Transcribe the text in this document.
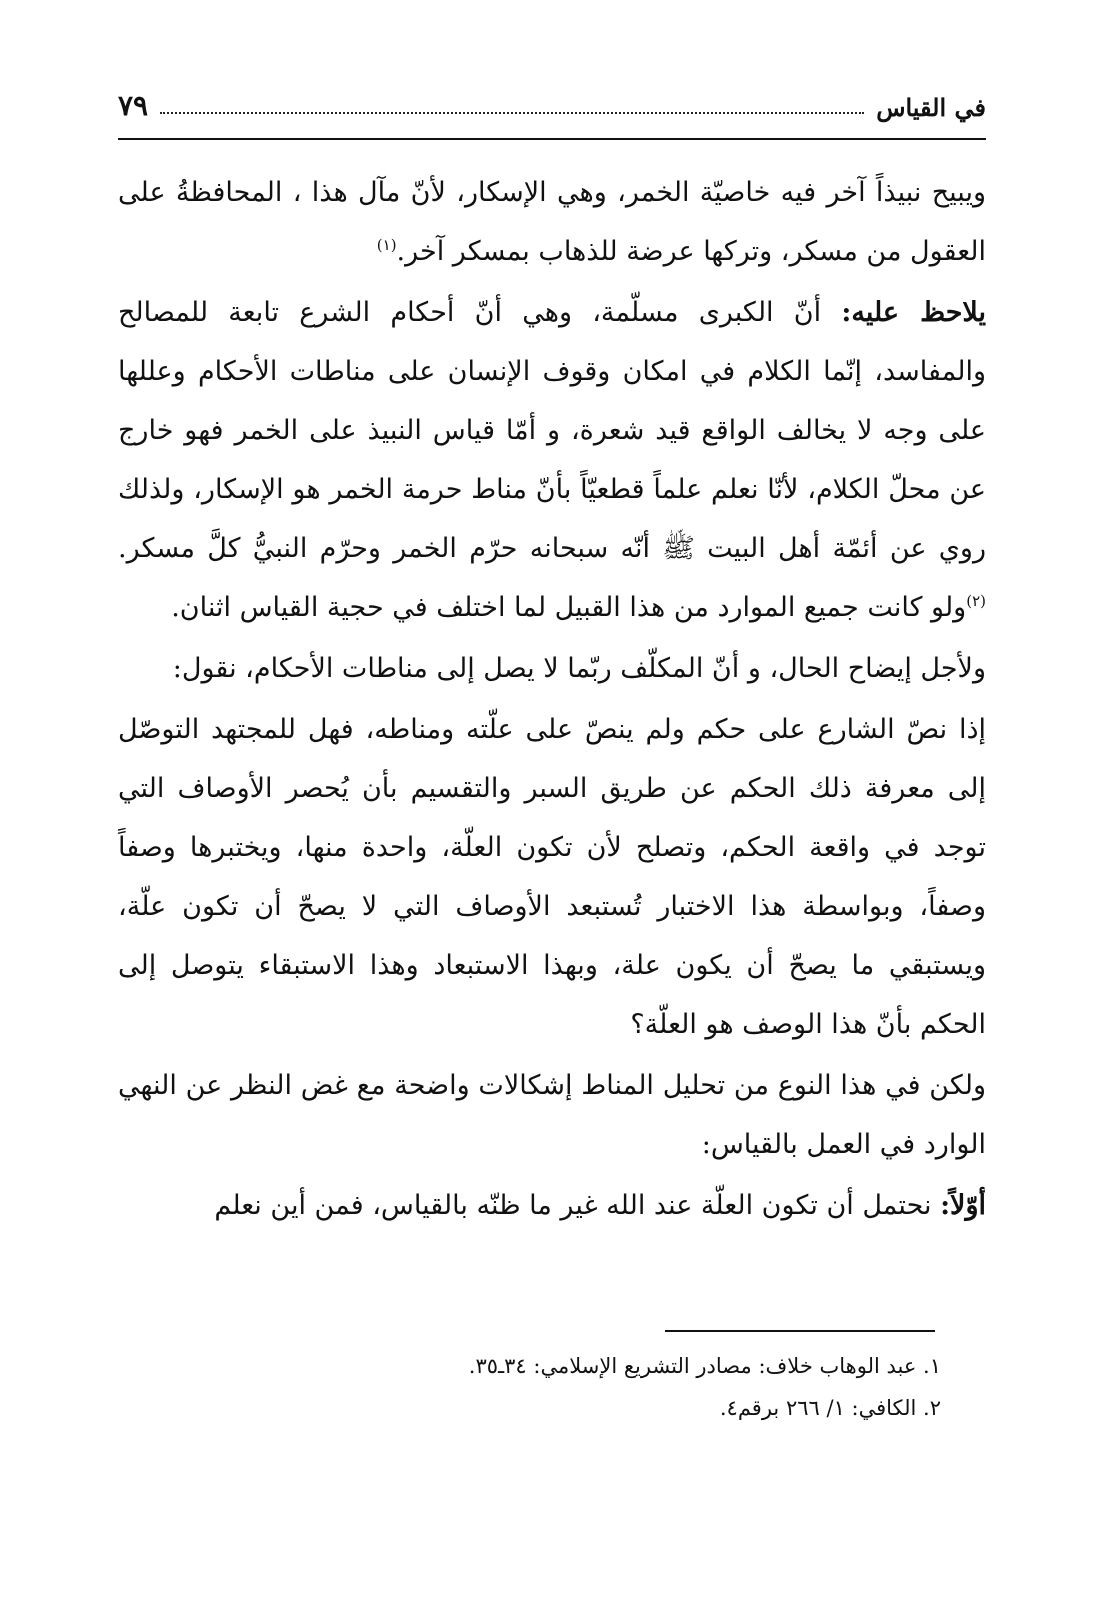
في القياس
٧٩

ويبيح نبيذاً آخر فيه خاصيّة الخمر، وهي الإسكار، لأنّ مآل هذا ، المحافظةُ على العقول من مسكر، وتركها عرضة للذهاب بمسكر آخر.$^{(١)}$

يلاحظ عليه: أنّ الكبرى مسلّمة، وهي أنّ أحكام الشرع تابعة للمصالح والمفاسد، إنّما الكلام في امكان وقوف الإنسان على مناطات الأحكام وعللها على وجه لا يخالف الواقع قيد شعرة، و أمّا قياس النبيذ على الخمر فهو خارج عن محلّ الكلام، لأنّا نعلم علماً قطعيّاً بأنّ مناط حرمة الخمر هو الإسكار، ولذلك روي عن أئمّة أهل البيت ﷺ أنّه سبحانه حرّم الخمر وحرّم النبيُّ كلَّ مسكر.$^{(٢)}$ولو كانت جميع الموارد من هذا القبيل لما اختلف في حجية القياس اثنان.

ولأجل إيضاح الحال، و أنّ المكلّف ربّما لا يصل إلى مناطات الأحكام، نقول:

إذا نصّ الشارع على حكم ولم ينصّ على علّته ومناطه، فهل للمجتهد التوصّل إلى معرفة ذلك الحكم عن طريق السبر والتقسيم بأن يُحصر الأوصاف التي توجد في واقعة الحكم، وتصلح لأن تكون العلّة، واحدة منها، ويختبرها وصفاً وصفاً، وبواسطة هذا الاختبار تُستبعد الأوصاف التي لا يصحّ أن تكون علّة، ويستبقي ما يصحّ أن يكون علة، وبهذا الاستبعاد وهذا الاستبقاء يتوصل إلى الحكم بأنّ هذا الوصف هو العلّة؟

ولكن في هذا النوع من تحليل المناط إشكالات واضحة مع غض النظر عن النهي الوارد في العمل بالقياس:

أوّلاً: نحتمل أن تكون العلّة عند الله غير ما ظنّه بالقياس، فمن أين نعلم

١. عبد الوهاب خلاف: مصادر التشريع الإسلامي: ٣٤ـ٣٥.
٢. الكافي: ١/ ٢٦٦ برقم٤.
